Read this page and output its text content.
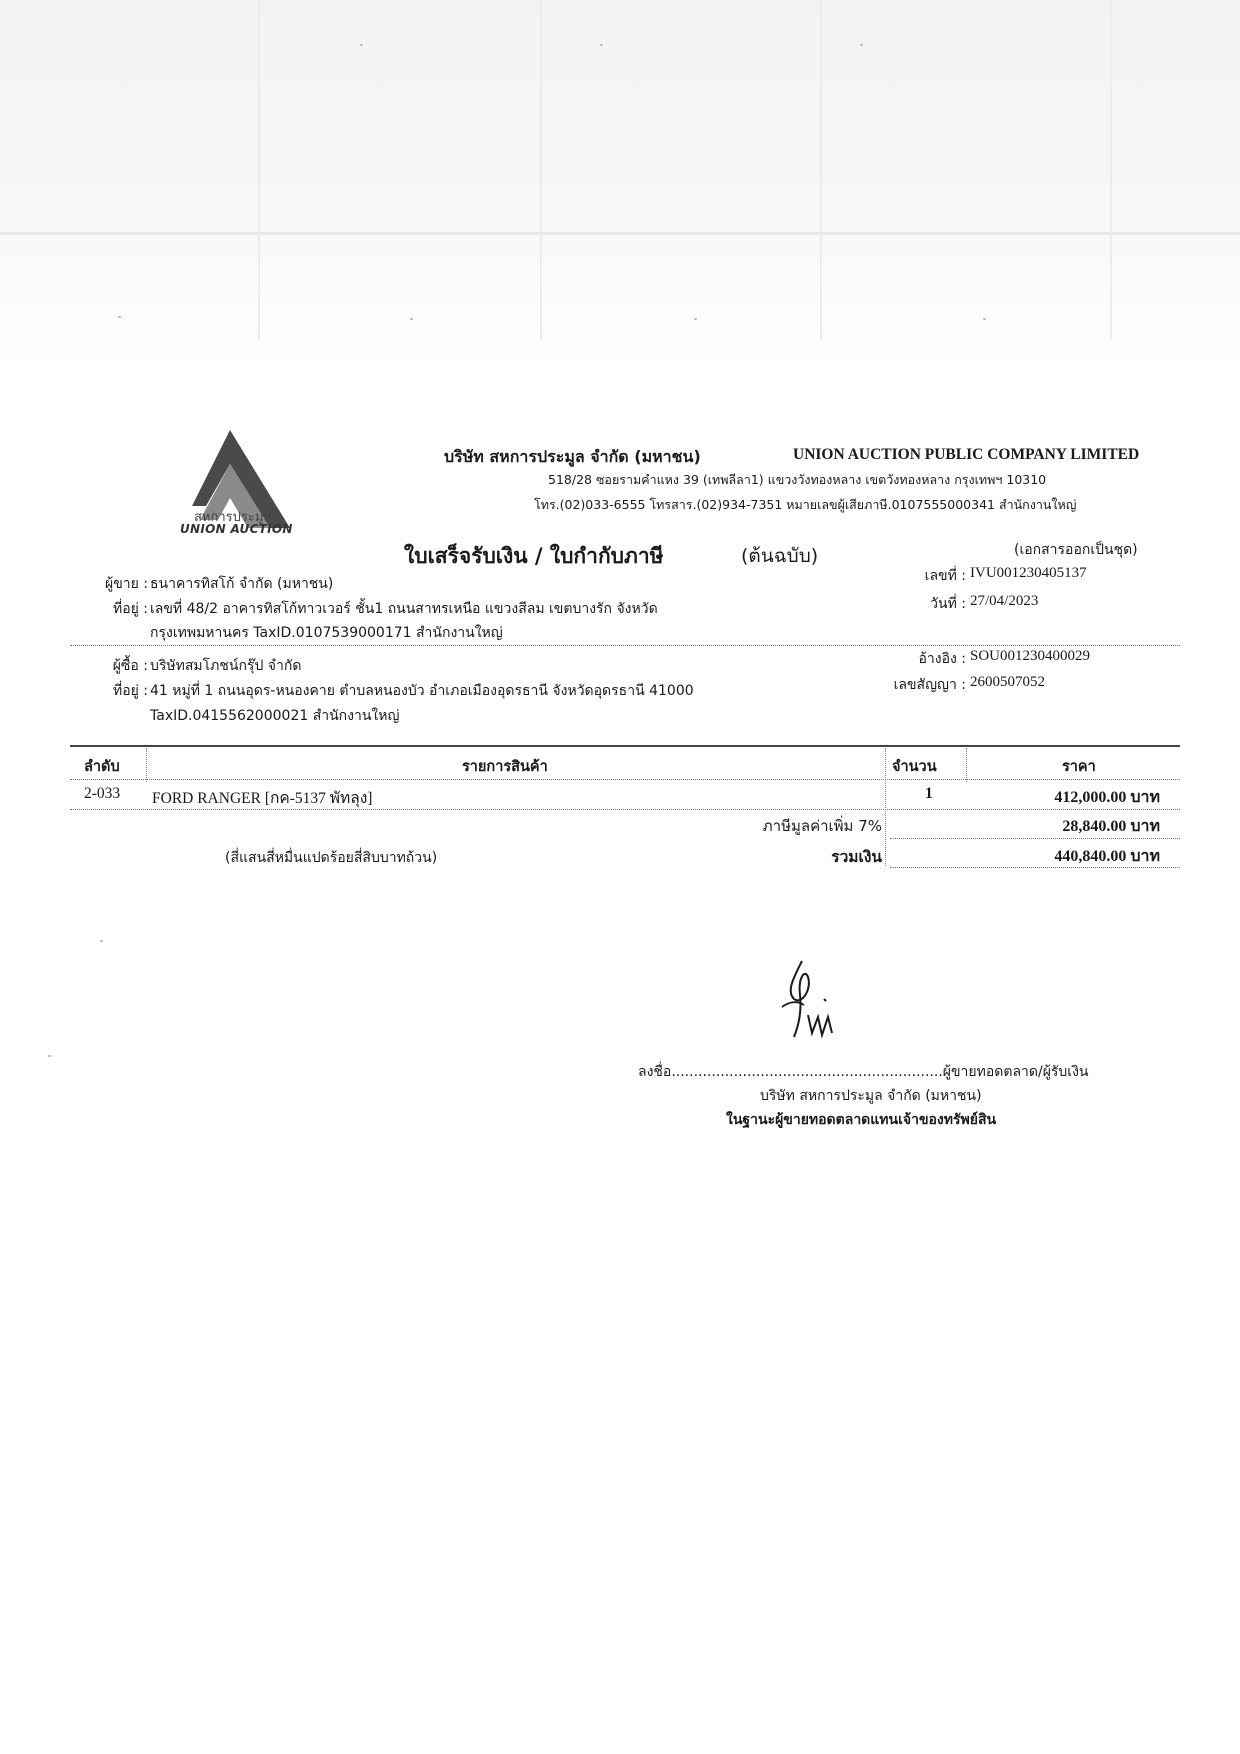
สหการประมูล
UNION AUCTION
บริษัท สหการประมูล จำกัด (มหาชน)	UNION AUCTION PUBLIC COMPANY LIMITED
518/28 ซอยรามคำแหง 39 (เทพลีลา1) แขวงวังทองหลาง เขตวังทองหลาง กรุงเทพฯ 10310
โทร.(02)033-6555 โทรสาร.(02)934-7351 หมายเลขผู้เสียภาษี.0107555000341 สำนักงานใหญ่
ใบเสร็จรับเงิน / ใบกำกับภาษี	(ต้นฉบับ)	(เอกสารออกเป็นชุด)
เลขที่ : IVU001230405137
วันที่ : 27/04/2023
ผู้ขาย : ธนาคารทิสโก้ จำกัด (มหาชน)
ที่อยู่ : เลขที่ 48/2 อาคารทิสโก้ทาวเวอร์ ชั้น1 ถนนสาทรเหนือ แขวงสีลม เขตบางรัก จังหวัด
กรุงเทพมหานคร TaxID.0107539000171 สำนักงานใหญ่
ผู้ซื้อ : บริษัทสมโภชน์กรุ๊ป จำกัด
ที่อยู่ : 41 หมู่ที่ 1 ถนนอุดร-หนองคาย ตำบลหนองบัว อำเภอเมืองอุดรธานี จังหวัดอุดรธานี 41000
TaxID.0415562000021 สำนักงานใหญ่
อ้างอิง : SOU001230400029
เลขสัญญา : 2600507052
ลำดับ	รายการสินค้า	จำนวน	ราคา
2-033 FORD RANGER [กค-5137 พัทลุง]	1	412,000.00 บาท
ภาษีมูลค่าเพิ่ม 7%	28,840.00 บาท
(สี่แสนสี่หมื่นแปดร้อยสี่สิบบาทถ้วน)	รวมเงิน	440,840.00 บาท
ลงชื่อ.............................................................ผู้ขายทอดตลาด/ผู้รับเงิน
บริษัท สหการประมูล จำกัด (มหาชน)
ในฐานะผู้ขายทอดตลาดแทนเจ้าของทรัพย์สิน
